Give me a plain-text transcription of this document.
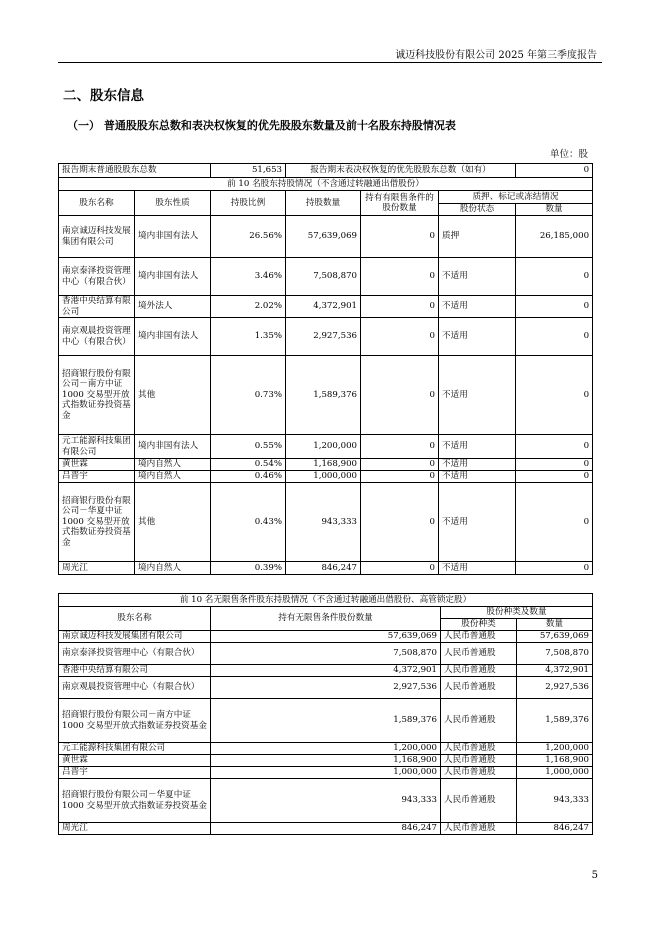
诚迈科技股份有限公司 2025 年第三季度报告
二、股东信息
（一） 普通股股东总数和表决权恢复的优先股股东数量及前十名股东持股情况表
单位：股
报告期末普通股股东总数		51,653	报告期末表决权恢复的优先股股东总数（如有）			0
前 10 名股东持股情况（不含通过转融通出借股份）						
股东名称	股东性质	持股比例	持股数量	持有有限售条件的股份数量	质押、标记或冻结情况	
					股份状态	数量
南京诚迈科技发展集团有限公司	境内非国有法人	26.56%	57,639,069	0	质押	26,185,000
南京泰泽投资管理中心（有限合伙）	境内非国有法人	3.46%	7,508,870	0	不适用	0
香港中央结算有限公司	境外法人	2.02%	4,372,901	0	不适用	0
南京观晨投资管理中心（有限合伙）	境内非国有法人	1.35%	2,927,536	0	不适用	0
招商银行股份有限公司－南方中证 1000 交易型开放式指数证券投资基金	其他	0.73%	1,589,376	0	不适用	0
元工能源科技集团有限公司	境内非国有法人	0.55%	1,200,000	0	不适用	0
黄世霖	境内自然人	0.54%	1,168,900	0	不适用	0
吕晋宇	境内自然人	0.46%	1,000,000	0	不适用	0
招商银行股份有限公司－华夏中证 1000 交易型开放式指数证券投资基金	其他	0.43%	943,333	0	不适用	0
周光江	境内自然人	0.39%	846,247	0	不适用	0
前 10 名无限售条件股东持股情况（不含通过转融通出借股份、高管锁定股）			
股东名称	持有无限售条件股份数量	股份种类及数量	
		股份种类	数量
南京诚迈科技发展集团有限公司	57,639,069	人民币普通股	57,639,069
南京泰泽投资管理中心（有限合伙）	7,508,870	人民币普通股	7,508,870
香港中央结算有限公司	4,372,901	人民币普通股	4,372,901
南京观晨投资管理中心（有限合伙）	2,927,536	人民币普通股	2,927,536
招商银行股份有限公司－南方中证 1000 交易型开放式指数证券投资基金	1,589,376	人民币普通股	1,589,376
元工能源科技集团有限公司	1,200,000	人民币普通股	1,200,000
黄世霖	1,168,900	人民币普通股	1,168,900
吕晋宇	1,000,000	人民币普通股	1,000,000
招商银行股份有限公司－华夏中证 1000 交易型开放式指数证券投资基金	943,333	人民币普通股	943,333
周光江	846,247	人民币普通股	846,247
5
